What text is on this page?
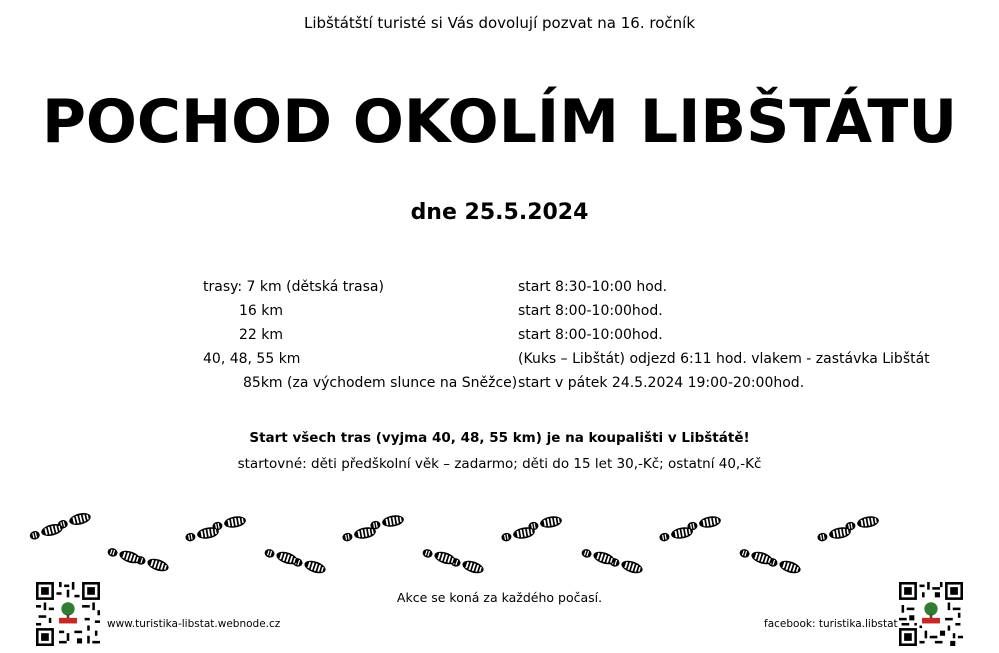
Libštátští turisté si Vás dovolují pozvat na 16. ročník
POCHOD OKOLÍM LIBŠTÁTU
dne 25.5.2024
trasy: 7 km (dětská trasa)	start 8:30-10:00 hod.
16 km	start 8:00-10:00hod.
22 km	start 8:00-10:00hod.
40, 48, 55 km	(Kuks – Libštát) odjezd 6:11 hod. vlakem - zastávka Libštát
85km (za východem slunce na Sněžce) start v pátek 24.5.2024 19:00-20:00hod.
Start všech tras (vyjma 40, 48, 55 km) je na koupališti v Libštátě!
startovné: děti předškolní věk – zadarmo; děti do 15 let 30,-Kč; ostatní 40,-Kč
Akce se koná za každého počasí.
www.turistika-libstat.webnode.cz	facebook: turistika.libstat
